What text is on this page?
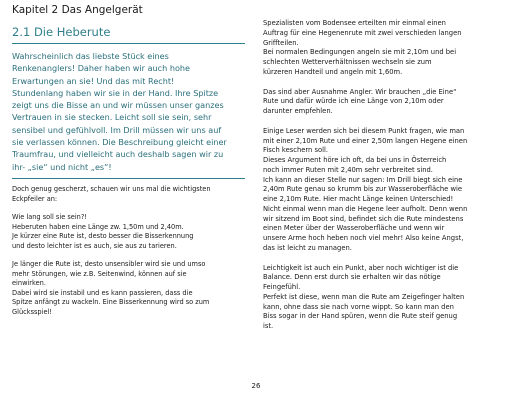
Kapitel 2 Das Angelgerät
2.1 Die Heberute
Wahrscheinlich das liebste Stück eines
Renkenanglers! Daher haben wir auch hohe
Erwartungen an sie! Und das mit Recht!
Stundenlang haben wir sie in der Hand. Ihre Spitze
zeigt uns die Bisse an und wir müssen unser ganzes
Vertrauen in sie stecken. Leicht soll sie sein, sehr
sensibel und gefühlvoll. Im Drill müssen wir uns auf
sie verlassen können. Die Beschreibung gleicht einer
Traumfrau, und vielleicht auch deshalb sagen wir zu
ihr- „sie“ und nicht „es“!
Doch genug gescherzt, schauen wir uns mal die wichtigsten
Eckpfeiler an:
Wie lang soll sie sein?!
Heberuten haben eine Länge zw. 1,50m und 2,40m.
Je kürzer eine Rute ist, desto besser die Bisserkennung
und desto leichter ist es auch, sie aus zu tarieren.
Je länger die Rute ist, desto unsensibler wird sie und umso
mehr Störungen, wie z.B. Seitenwind, können auf sie
einwirken.
Dabei wird sie instabil und es kann passieren, dass die
Spitze anfängt zu wackeln. Eine Bisserkennung wird so zum
Glücksspiel!
Spezialisten vom Bodensee erteilten mir einmal einen
Auftrag für eine Hegenenrute mit zwei verschieden langen
Griffteilen.
Bei normalen Bedingungen angeln sie mit 2,10m und bei
schlechten Wetterverhältnissen wechseln sie zum
kürzeren Handteil und angeln mit 1,60m.
Das sind aber Ausnahme Angler. Wir brauchen „die Eine“
Rute und dafür würde ich eine Länge von 2,10m oder
darunter empfehlen.
Einige Leser werden sich bei diesem Punkt fragen, wie man
mit einer 2,10m Rute und einer 2,50m langen Hegene einen
Fisch keschern soll.
Dieses Argument höre ich oft, da bei uns in Österreich
noch immer Ruten mit 2,40m sehr verbreitet sind.
Ich kann an dieser Stelle nur sagen: Im Drill biegt sich eine
2,40m Rute genau so krumm bis zur Wasseroberfläche wie
eine 2,10m Rute. Hier macht Länge keinen Unterschied!
Nicht einmal wenn man die Hegene leer aufholt. Denn wenn
wir sitzend im Boot sind, befindet sich die Rute mindestens
einen Meter über der Wasseroberfläche und wenn wir
unsere Arme hoch heben noch viel mehr! Also keine Angst,
das ist leicht zu managen.
Leichtigkeit ist auch ein Punkt, aber noch wichtiger ist die
Balance. Denn erst durch sie erhalten wir das nötige
Feingefühl.
Perfekt ist diese, wenn man die Rute am Zeigefinger halten
kann, ohne dass sie nach vorne wippt. So kann man den
Biss sogar in der Hand spüren, wenn die Rute steif genug
ist.
26
